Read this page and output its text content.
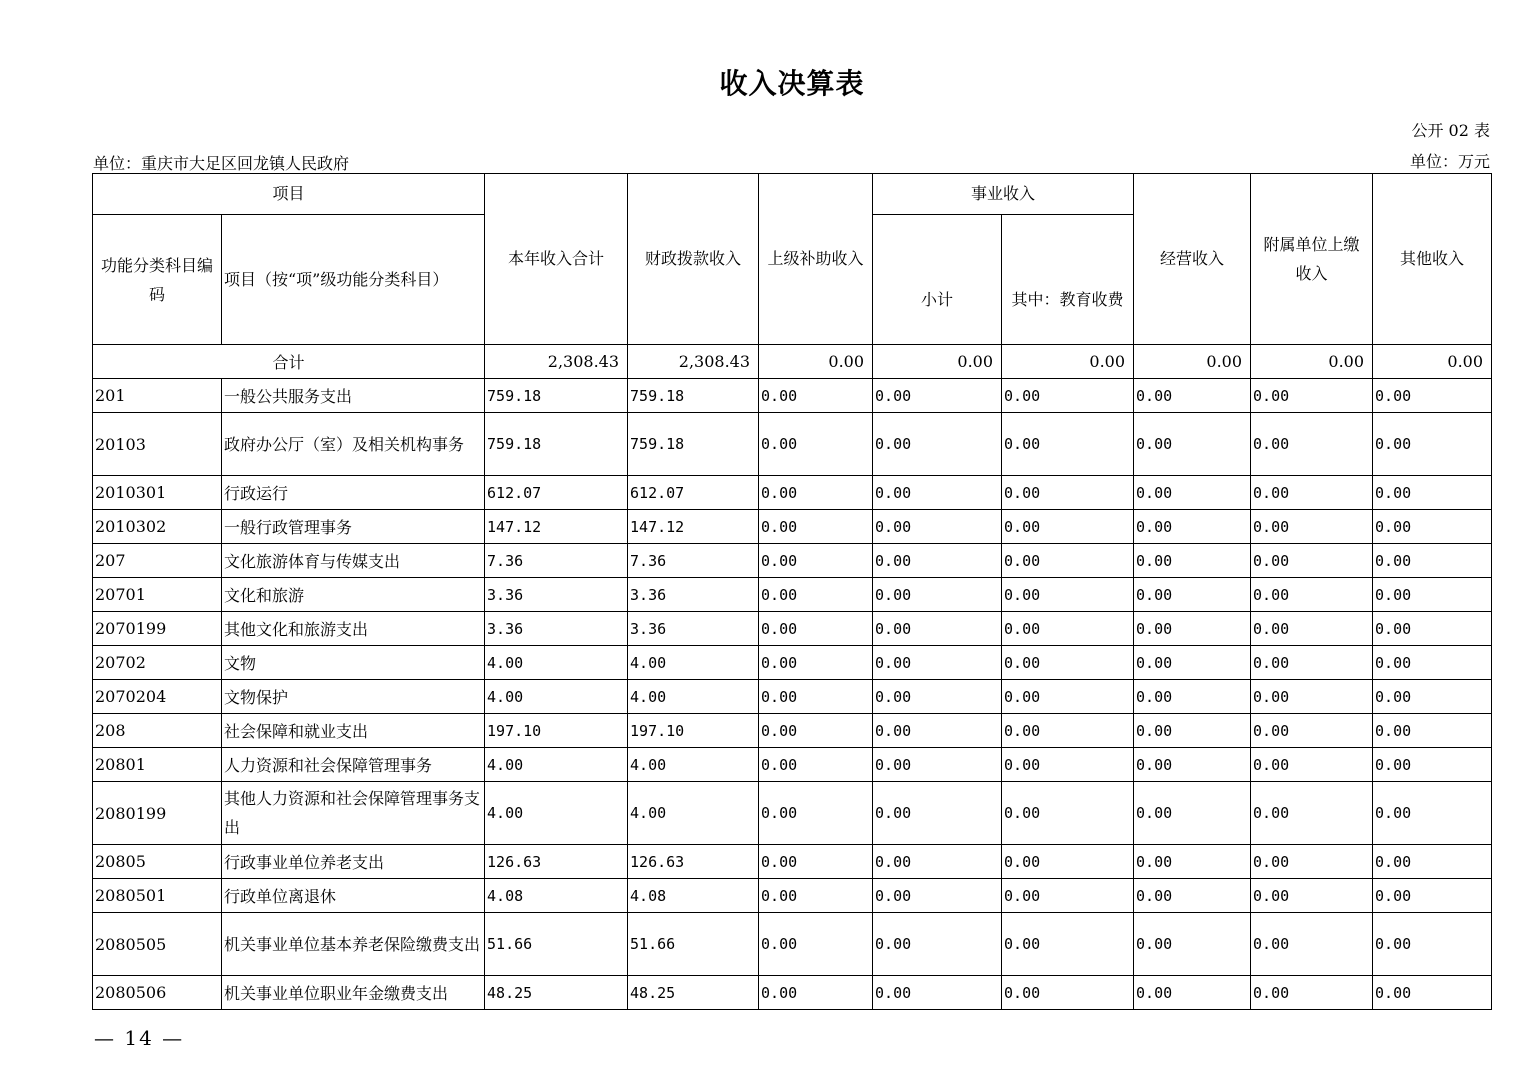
收入决算表
公开 02 表
单位：重庆市大足区回龙镇人民政府	单位：万元
项目		本年收入合计	财政拨款收入	上级补助收入	事业收入		经营收入	附属单位上缴收入	其他收入
功能分类科目编码	项目（按“项”级功能分类科目）				小计	其中：教育收费			
合计		2,308.43	2,308.43	0.00	0.00	0.00	0.00	0.00	0.00
201	一般公共服务支出	759.18	759.18	0.00	0.00	0.00	0.00	0.00	0.00
20103	政府办公厅（室）及相关机构事务	759.18	759.18	0.00	0.00	0.00	0.00	0.00	0.00
2010301	行政运行	612.07	612.07	0.00	0.00	0.00	0.00	0.00	0.00
2010302	一般行政管理事务	147.12	147.12	0.00	0.00	0.00	0.00	0.00	0.00
207	文化旅游体育与传媒支出	7.36	7.36	0.00	0.00	0.00	0.00	0.00	0.00
20701	文化和旅游	3.36	3.36	0.00	0.00	0.00	0.00	0.00	0.00
2070199	其他文化和旅游支出	3.36	3.36	0.00	0.00	0.00	0.00	0.00	0.00
20702	文物	4.00	4.00	0.00	0.00	0.00	0.00	0.00	0.00
2070204	文物保护	4.00	4.00	0.00	0.00	0.00	0.00	0.00	0.00
208	社会保障和就业支出	197.10	197.10	0.00	0.00	0.00	0.00	0.00	0.00
20801	人力资源和社会保障管理事务	4.00	4.00	0.00	0.00	0.00	0.00	0.00	0.00
2080199	其他人力资源和社会保障管理事务支出	4.00	4.00	0.00	0.00	0.00	0.00	0.00	0.00
20805	行政事业单位养老支出	126.63	126.63	0.00	0.00	0.00	0.00	0.00	0.00
2080501	行政单位离退休	4.08	4.08	0.00	0.00	0.00	0.00	0.00	0.00
2080505	机关事业单位基本养老保险缴费支出	51.66	51.66	0.00	0.00	0.00	0.00	0.00	0.00
2080506	机关事业单位职业年金缴费支出	48.25	48.25	0.00	0.00	0.00	0.00	0.00	0.00
— 14 —
